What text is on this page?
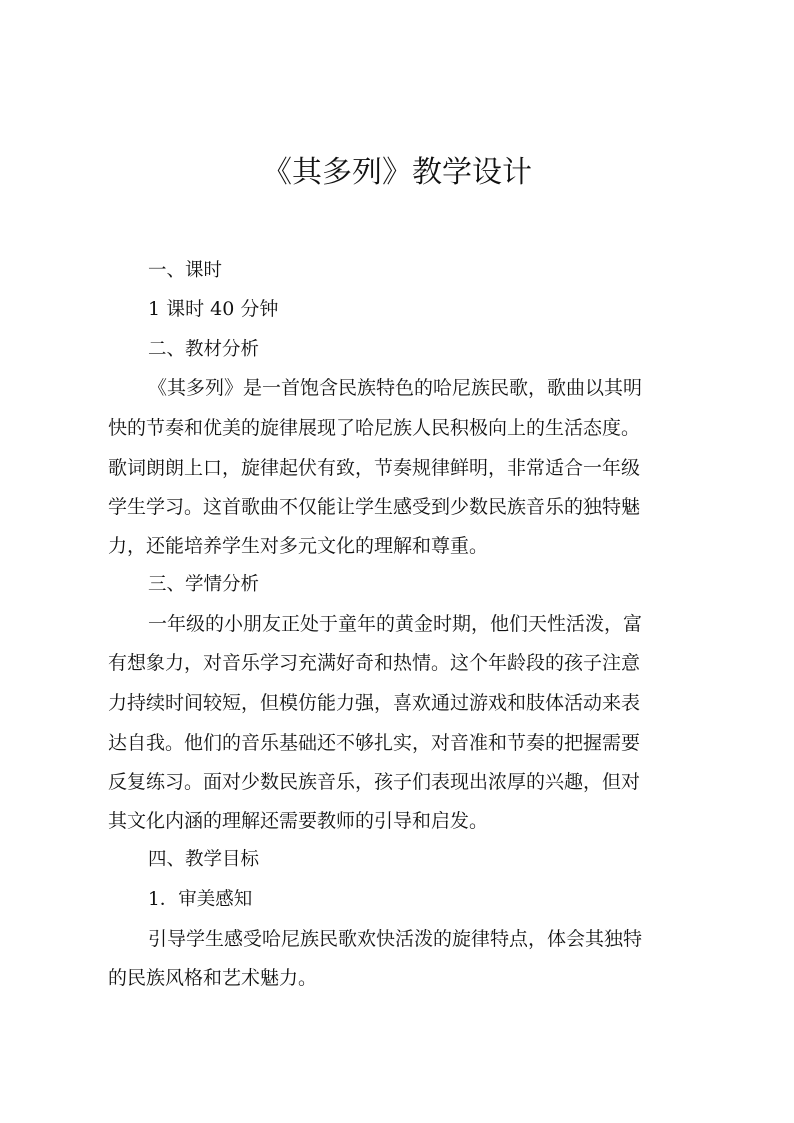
《其多列》教学设计
一、课时
1 课时 40 分钟
二、教材分析
《其多列》是一首饱含民族特色的哈尼族民歌，歌曲以其明
快的节奏和优美的旋律展现了哈尼族人民积极向上的生活态度。
歌词朗朗上口，旋律起伏有致，节奏规律鲜明，非常适合一年级
学生学习。这首歌曲不仅能让学生感受到少数民族音乐的独特魅
力，还能培养学生对多元文化的理解和尊重。
三、学情分析
一年级的小朋友正处于童年的黄金时期，他们天性活泼，富
有想象力，对音乐学习充满好奇和热情。这个年龄段的孩子注意
力持续时间较短，但模仿能力强，喜欢通过游戏和肢体活动来表
达自我。他们的音乐基础还不够扎实，对音准和节奏的把握需要
反复练习。面对少数民族音乐，孩子们表现出浓厚的兴趣，但对
其文化内涵的理解还需要教师的引导和启发。
四、教学目标
1．审美感知
引导学生感受哈尼族民歌欢快活泼的旋律特点，体会其独特
的民族风格和艺术魅力。
